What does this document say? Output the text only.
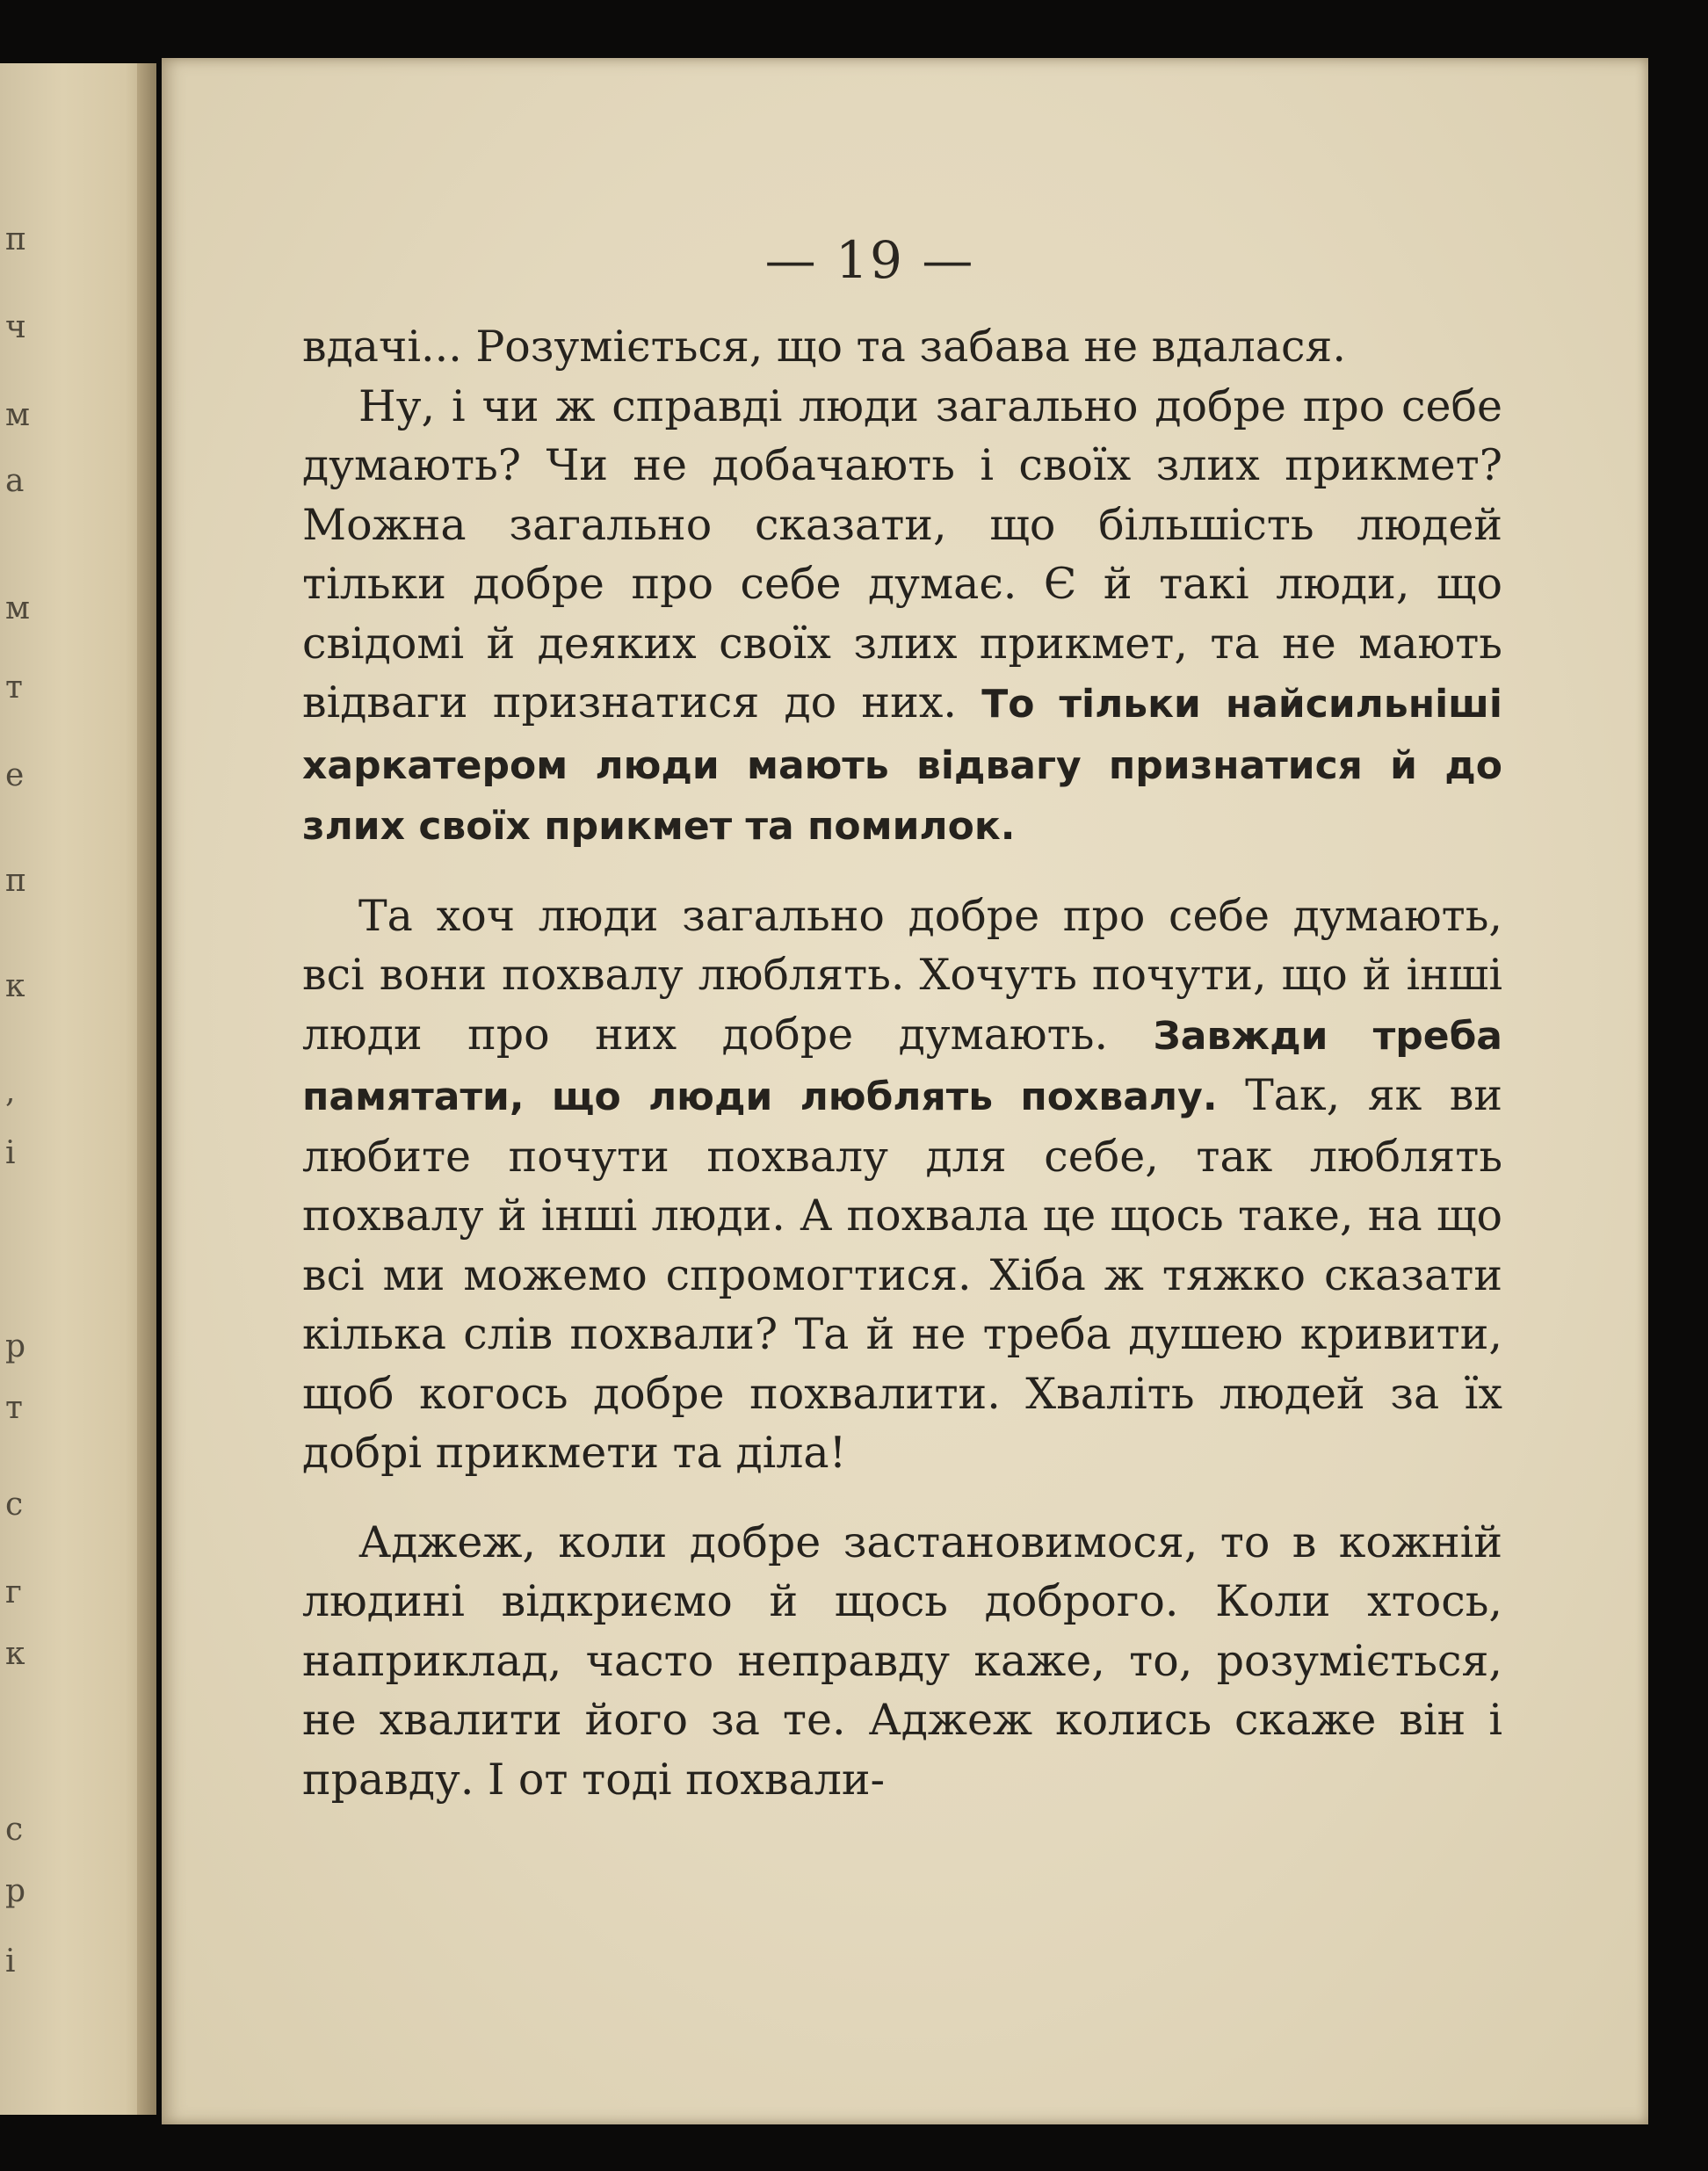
п
ч
м
а
м
т
е
п
к
,
і
р
т
с
г
к
с
р
і
— 19 —

вдачі... Розуміється, що та забава не вдалася.

Ну, і чи ж справді люди загально добре про себе думають? Чи не добачають і своїх злих прикмет? Можна загально сказати, що більшість людей тільки добре про себе думає. Є й такі люди, що свідомі й деяких своїх злих прикмет, та не мають відваги признатися до них. То тільки найсильніші харкатером люди мають відвагу признатися й до злих своїх прикмет та помилок.

Та хоч люди загально добре про себе думають, всі вони похвалу люблять. Хочуть почути, що й інші люди про них добре думають. Завжди треба памятати, що люди люблять похвалу. Так, як ви любите почути похвалу для себе, так люблять похвалу й інші люди. А похвала це щось таке, на що всі ми можемо спромогтися. Хіба ж тяжко сказати кілька слів похвали? Та й не треба душею кривити, щоб когось добре похвалити. Хваліть людей за їх добрі прикмети та діла!

Аджеж, коли добре застановимося, то в кожній людині відкриємо й щось доброго. Коли хтось, наприклад, часто неправду каже, то, розуміється, не хвалити його за те. Аджеж колись скаже він і правду. І от тоді похвали-
